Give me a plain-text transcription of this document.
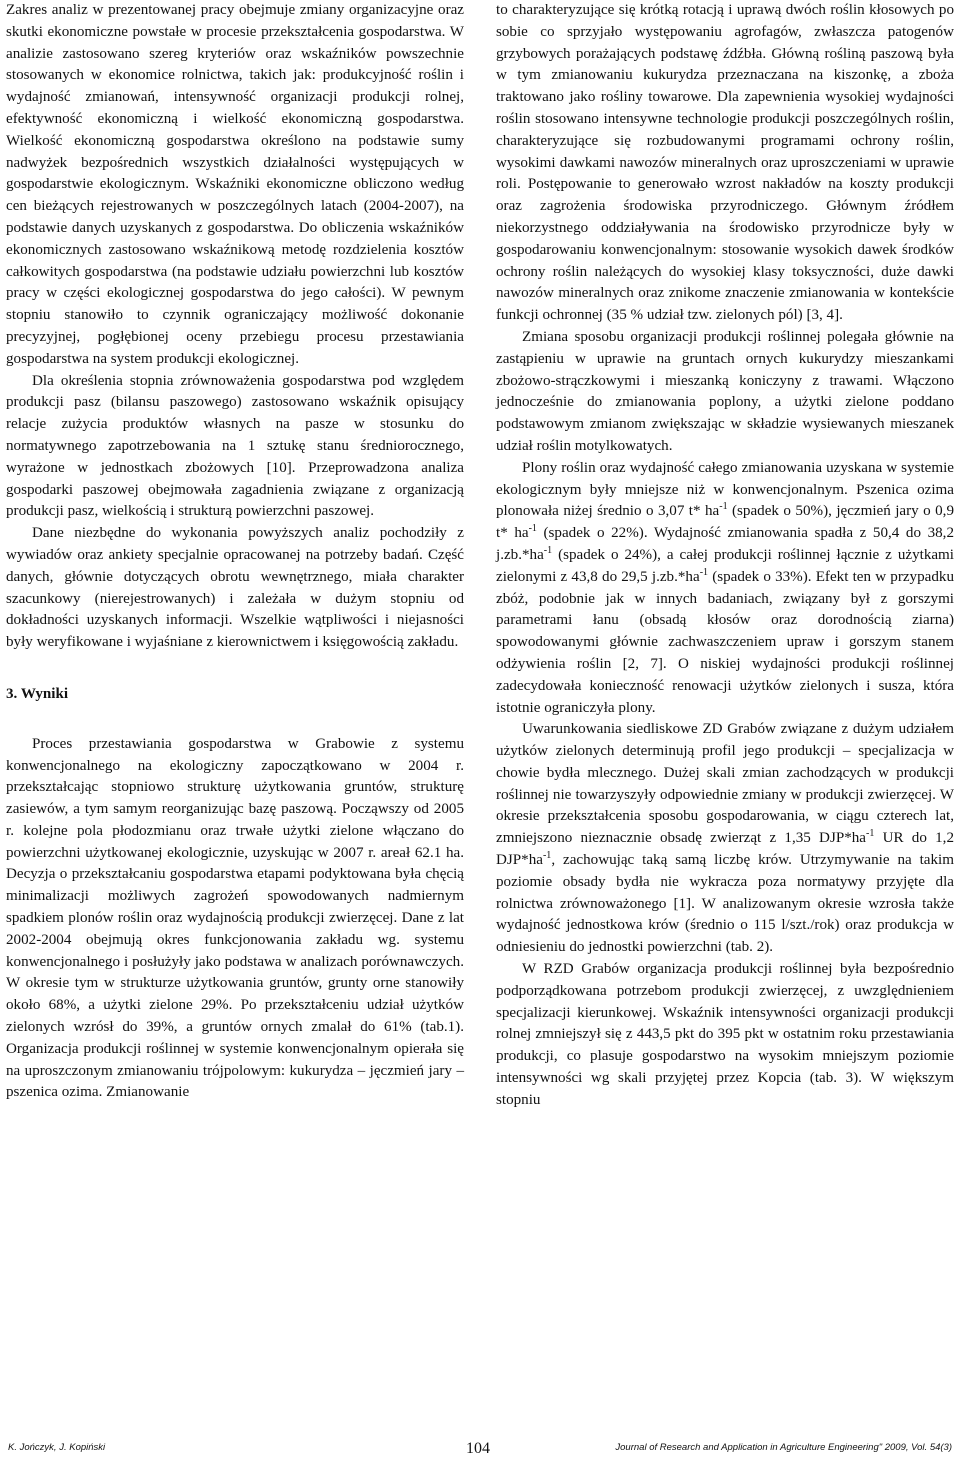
Zakres analiz w prezentowanej pracy obejmuje zmiany organizacyjne oraz skutki ekonomiczne powstałe w procesie przekształcenia gospodarstwa. W analizie zastosowano szereg kryteriów oraz wskaźników powszechnie stosowanych w ekonomice rolnictwa, takich jak: produkcyjność roślin i wydajność zmianowań, intensywność organizacji produkcji rolnej, efektywność ekonomiczną i wielkość ekonomiczną gospodarstwa. Wielkość ekonomiczną gospodarstwa określono na podstawie sumy nadwyżek bezpośrednich wszystkich działalności występujących w gospodarstwie ekologicznym. Wskaźniki ekonomiczne obliczono według cen bieżących rejestrowanych w poszczególnych latach (2004-2007), na podstawie danych uzyskanych z gospodarstwa. Do obliczenia wskaźników ekonomicznych zastosowano wskaźnikową metodę rozdzielenia kosztów całkowitych gospodarstwa (na podstawie udziału powierzchni lub kosztów pracy w części ekologicznej gospodarstwa do jego całości). W pewnym stopniu stanowiło to czynnik ograniczający możliwość dokonanie precyzyjnej, pogłębionej oceny przebiegu procesu przestawiania gospodarstwa na system produkcji ekologicznej.

Dla określenia stopnia zrównoważenia gospodarstwa pod względem produkcji pasz (bilansu paszowego) zastosowano wskaźnik opisujący relacje zużycia produktów własnych na pasze w stosunku do normatywnego zapotrzebowania na 1 sztukę stanu średniorocznego, wyrażone w jednostkach zbożowych [10]. Przeprowadzona analiza gospodarki paszowej obejmowała zagadnienia związane z organizacją produkcji pasz, wielkością i strukturą powierzchni paszowej.

Dane niezbędne do wykonania powyższych analiz pochodziły z wywiadów oraz ankiety specjalnie opracowanej na potrzeby badań. Część danych, głównie dotyczących obrotu wewnętrznego, miała charakter szacunkowy (nierejestrowanych) i zależała w dużym stopniu od dokładności uzyskanych informacji. Wszelkie wątpliwości i niejasności były weryfikowane i wyjaśniane z kierownictwem i księgowością zakładu.

3. Wyniki

Proces przestawiania gospodarstwa w Grabowie z systemu konwencjonalnego na ekologiczny zapoczątkowano w 2004 r. przekształcając stopniowo strukturę użytkowania gruntów, strukturę zasiewów, a tym samym reorganizując bazę paszową. Począwszy od 2005 r. kolejne pola płodozmianu oraz trwałe użytki zielone włączano do powierzchni użytkowanej ekologicznie, uzyskując w 2007 r. areał 62.1 ha. Decyzja o przekształcaniu gospodarstwa etapami podyktowana była chęcią minimalizacji możliwych zagrożeń spowodowanych nadmiernym spadkiem plonów roślin oraz wydajnością produkcji zwierzęcej. Dane z lat 2002-2004 obejmują okres funkcjonowania zakładu wg. systemu konwencjonalnego i posłużyły jako podstawa w analizach porównawczych. W okresie tym w strukturze użytkowania gruntów, grunty orne stanowiły około 68%, a użytki zielone 29%. Po przekształceniu udział użytków zielonych wzrósł do 39%, a gruntów ornych zmalał do 61% (tab.1). Organizacja produkcji roślinnej w systemie konwencjonalnym opierała się na uproszczonym zmianowaniu trójpolowym: kukurydza – jęczmień jary – pszenica ozima. Zmianowanie

to charakteryzujące się krótką rotacją i uprawą dwóch roślin kłosowych po sobie co sprzyjało występowaniu agrofagów, zwłaszcza patogenów grzybowych porażających podstawę źdźbła. Główną rośliną paszową była w tym zmianowaniu kukurydza przeznaczana na kiszonkę, a zboża traktowano jako rośliny towarowe. Dla zapewnienia wysokiej wydajności roślin stosowano intensywne technologie produkcji poszczególnych roślin, charakteryzujące się rozbudowanymi programami ochrony roślin, wysokimi dawkami nawozów mineralnych oraz uproszczeniami w uprawie roli. Postępowanie to generowało wzrost nakładów na koszty produkcji oraz zagrożenia środowiska przyrodniczego. Głównym źródłem niekorzystnego oddziaływania na środowisko przyrodnicze były w gospodarowaniu konwencjonalnym: stosowanie wysokich dawek środków ochrony roślin należących do wysokiej klasy toksyczności, duże dawki nawozów mineralnych oraz znikome znaczenie zmianowania w kontekście funkcji ochronnej (35 % udział tzw. zielonych pól) [3, 4].

Zmiana sposobu organizacji produkcji roślinnej polegała głównie na zastąpieniu w uprawie na gruntach ornych kukurydzy mieszankami zbożowo-strączkowymi i mieszanką koniczyny z trawami. Włączono jednocześnie do zmianowania poplony, a użytki zielone poddano podstawowym zmianom zwiększając w składzie wysiewanych mieszanek udział roślin motylkowatych.

Plony roślin oraz wydajność całego zmianowania uzyskana w systemie ekologicznym były mniejsze niż w konwencjonalnym. Pszenica ozima plonowała niżej średnio o 3,07 t* $ha^{-1}$ (spadek o 50%), jęczmień jary o 0,9 t* $ha^{-1}$ (spadek o 22%). Wydajność zmianowania spadła z 50,4 do 38,2 $j.zb.*ha^{-1}$ (spadek o 24%), a całej produkcji roślinnej łącznie z użytkami zielonymi z 43,8 do 29,5 $j.zb.*ha^{-1}$ (spadek o 33%). Efekt ten w przypadku zbóż, podobnie jak w innych badaniach, związany był z gorszymi parametrami łanu (obsadą kłosów oraz dorodnością ziarna) spowodowanymi głównie zachwaszczeniem upraw i gorszym stanem odżywienia roślin [2, 7]. O niskiej wydajności produkcji roślinnej zadecydowała konieczność renowacji użytków zielonych i susza, która istotnie ograniczyła plony.

Uwarunkowania siedliskowe ZD Grabów związane z dużym udziałem użytków zielonych determinują profil jego produkcji – specjalizacja w chowie bydła mlecznego. Dużej skali zmian zachodzących w produkcji roślinnej nie towarzyszyły odpowiednie zmiany w produkcji zwierzęcej. W okresie przekształcenia sposobu gospodarowania, w ciągu czterech lat, zmniejszono nieznacznie obsadę zwierząt z 1,35 $DJP*ha^{-1}$ UR do 1,2 $DJP*ha^{-1}$, zachowując taką samą liczbę krów. Utrzymywanie na takim poziomie obsady bydła nie wykracza poza normatywy przyjęte dla rolnictwa zrównoważonego [1]. W analizowanym okresie wzrosła także wydajność jednostkowa krów (średnio o 115 l/szt./rok) oraz produkcja w odniesieniu do jednostki powierzchni (tab. 2).

W RZD Grabów organizacja produkcji roślinnej była bezpośrednio podporządkowana potrzebom produkcji zwierzęcej, z uwzględnieniem specjalizacji kierunkowej. Wskaźnik intensywności organizacji produkcji rolnej zmniejszył się z 443,5 pkt do 395 pkt w ostatnim roku przestawiania produkcji, co plasuje gospodarstwo na wysokim mniejszym poziomie intensywności wg skali przyjętej przez Kopcia (tab. 3). W większym stopniu

K. Jończyk, J. Kopiński	104	Journal of Research and Application in Agriculture Engineering" 2009, Vol. 54(3)
